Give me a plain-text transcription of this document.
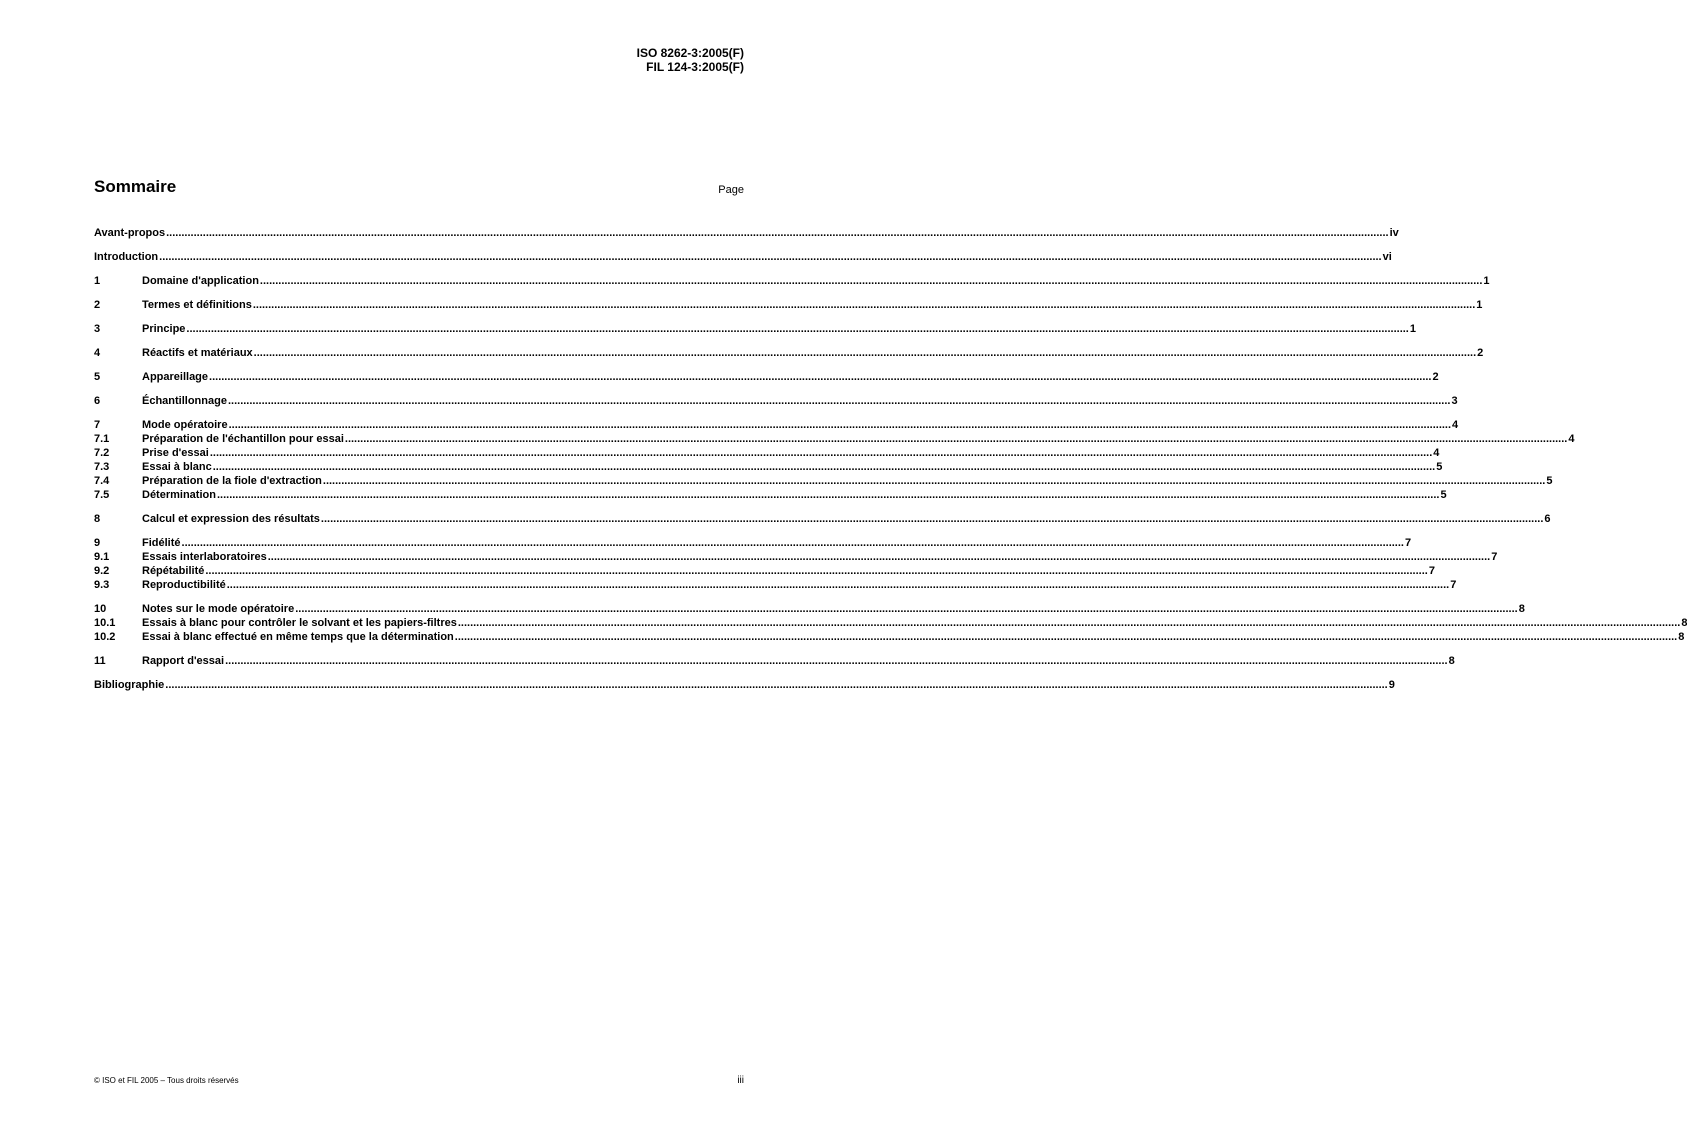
ISO 8262-3:2005(F)
FIL 124-3:2005(F)
Sommaire	Page
Avant-propos ................................................................................................................................................................................................................................................................................................................................................................................................................ iv
Introduction ................................................................................................................................................................................................................................................................................................................................................................................................................ vi
1	Domaine d'application ................................................................................................................................................................................................................................................................................................................................................................................................................ 1
2	Termes et définitions ................................................................................................................................................................................................................................................................................................................................................................................................................ 1
3	Principe ................................................................................................................................................................................................................................................................................................................................................................................................................ 1
4	Réactifs et matériaux ................................................................................................................................................................................................................................................................................................................................................................................................................ 2
5	Appareillage ................................................................................................................................................................................................................................................................................................................................................................................................................ 2
6	Échantillonnage ................................................................................................................................................................................................................................................................................................................................................................................................................ 3
7	Mode opératoire ................................................................................................................................................................................................................................................................................................................................................................................................................ 4
7.1	Préparation de l'échantillon pour essai ................................................................................................................................................................................................................................................................................................................................................................................................................ 4
7.2	Prise d'essai ................................................................................................................................................................................................................................................................................................................................................................................................................ 4
7.3	Essai à blanc ................................................................................................................................................................................................................................................................................................................................................................................................................ 5
7.4	Préparation de la fiole d'extraction ................................................................................................................................................................................................................................................................................................................................................................................................................ 5
7.5	Détermination ................................................................................................................................................................................................................................................................................................................................................................................................................ 5
8	Calcul et expression des résultats ................................................................................................................................................................................................................................................................................................................................................................................................................ 6
9	Fidélité ................................................................................................................................................................................................................................................................................................................................................................................................................ 7
9.1	Essais interlaboratoires ................................................................................................................................................................................................................................................................................................................................................................................................................ 7
9.2	Répétabilité ................................................................................................................................................................................................................................................................................................................................................................................................................ 7
9.3	Reproductibilité ................................................................................................................................................................................................................................................................................................................................................................................................................ 7
10	Notes sur le mode opératoire ................................................................................................................................................................................................................................................................................................................................................................................................................ 8
10.1	Essais à blanc pour contrôler le solvant et les papiers-filtres ................................................................................................................................................................................................................................................................................................................................................................................................................ 8
10.2	Essai à blanc effectué en même temps que la détermination ................................................................................................................................................................................................................................................................................................................................................................................................................ 8
11	Rapport d'essai ................................................................................................................................................................................................................................................................................................................................................................................................................ 8
Bibliographie ................................................................................................................................................................................................................................................................................................................................................................................................................ 9
© ISO et FIL 2005 – Tous droits réservés	iii
